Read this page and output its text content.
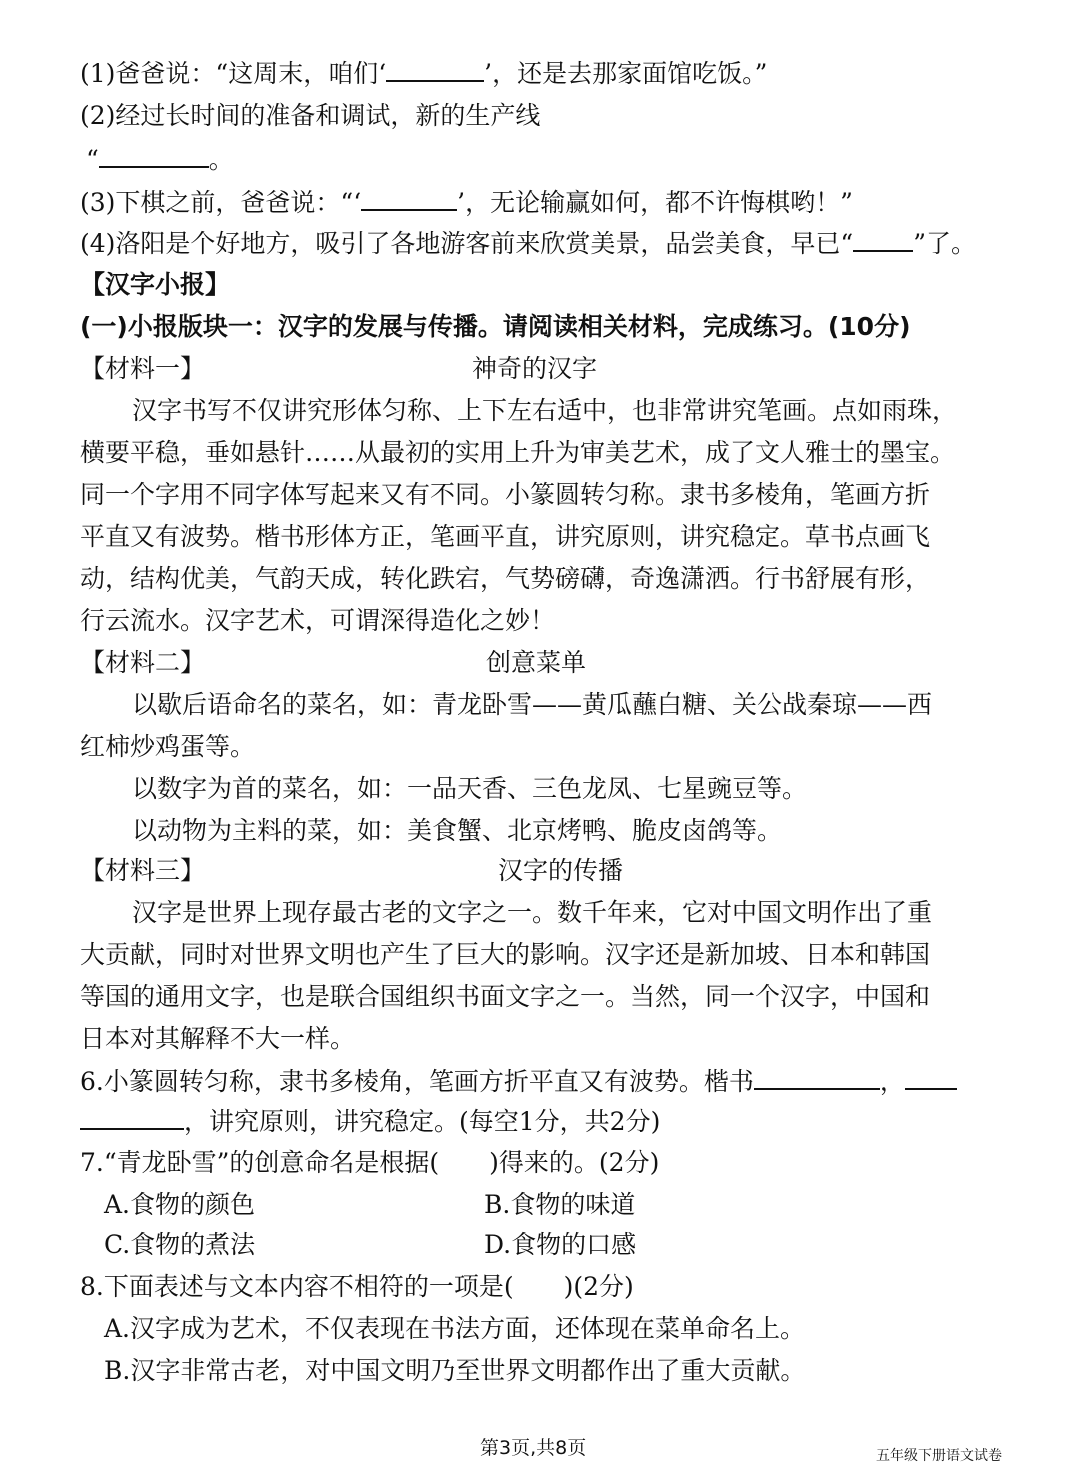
(1)爸爸说：“这周末，咱们‘	’，还是去那家面馆吃饭。”
(2)经过长时间的准备和调试，新的生产线
“	。
(3)下棋之前，爸爸说：“‘	’，无论输赢如何，都不许悔棋哟！”
(4)洛阳是个好地方，吸引了各地游客前来欣赏美景，品尝美食，早已“ ”了。
【汉字小报】
(一)小报版块一：汉字的发展与传播。请阅读相关材料，完成练习。(10分)
【材料一】	神奇的汉字
汉字书写不仅讲究形体匀称、上下左右适中，也非常讲究笔画。点如雨珠，
横要平稳，垂如悬针……从最初的实用上升为审美艺术，成了文人雅士的墨宝。
同一个字用不同字体写起来又有不同。小篆圆转匀称。隶书多棱角，笔画方折
平直又有波势。楷书形体方正，笔画平直，讲究原则，讲究稳定。草书点画飞
动，结构优美，气韵天成，转化跌宕，气势磅礴，奇逸潇洒。行书舒展有形，
行云流水。汉字艺术，可谓深得造化之妙！
【材料二】	创意菜单
以歇后语命名的菜名，如：青龙卧雪——黄瓜蘸白糖、关公战秦琼——西
红柿炒鸡蛋等。
以数字为首的菜名，如：一品天香、三色龙凤、七星豌豆等。
以动物为主料的菜，如：美食蟹、北京烤鸭、脆皮卤鸽等。
【材料三】	汉字的传播
汉字是世界上现存最古老的文字之一。数千年来，它对中国文明作出了重
大贡献，同时对世界文明也产生了巨大的影响。汉字还是新加坡、日本和韩国
等国的通用文字，也是联合国组织书面文字之一。当然，同一个汉字，中国和
日本对其解释不大一样。
6.小篆圆转匀称，隶书多棱角，笔画方折平直又有波势。楷书	，
，讲究原则，讲究稳定。(每空1分，共2分)
7.“青龙卧雪”的创意命名是根据(　　)得来的。(2分)
A.食物的颜色	B.食物的味道
C.食物的煮法	D.食物的口感
8.下面表述与文本内容不相符的一项是(　　)(2分)
A.汉字成为艺术，不仅表现在书法方面，还体现在菜单命名上。
B.汉字非常古老，对中国文明乃至世界文明都作出了重大贡献。
第3页,共8页	五年级下册语文试卷
